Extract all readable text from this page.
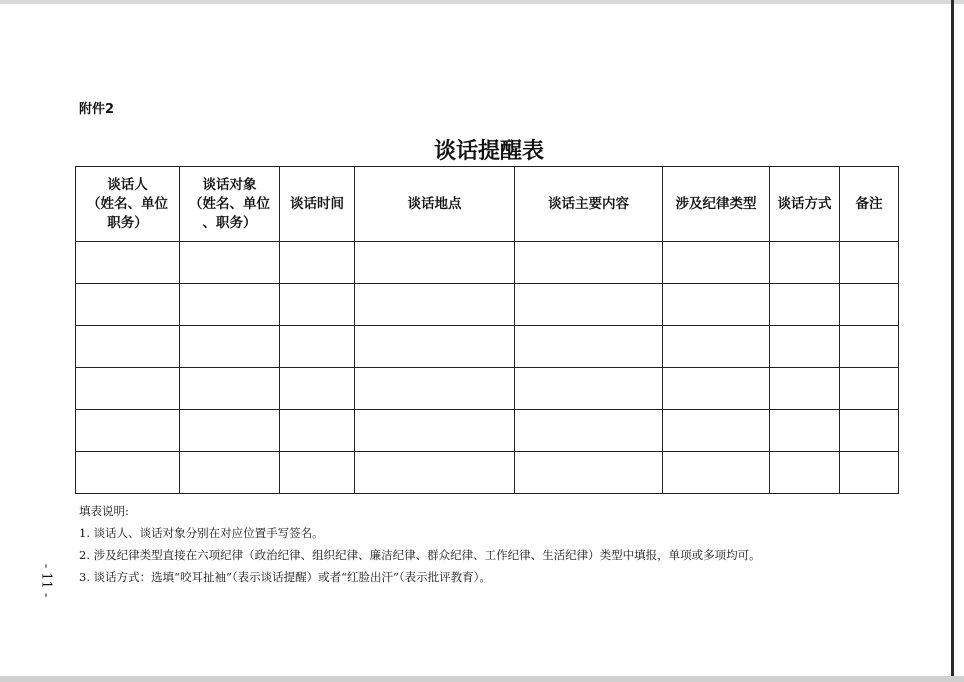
附件2
谈话提醒表
谈话人
（姓名、单位
职务）	谈话对象
（姓名、单位
、职务）	谈话时间	谈话地点	谈话主要内容	涉及纪律类型	谈话方式	备注

填表说明:
1. 谈话人、谈话对象分别在对应位置手写签名。
2. 涉及纪律类型直接在六项纪律（政治纪律、组织纪律、廉洁纪律、群众纪律、工作纪律、生活纪律）类型中填报，单项或多项均可。
3. 谈话方式：选填“咬耳扯袖”（表示谈话提醒）或者“红脸出汗”（表示批评教育）。
- 11 -
